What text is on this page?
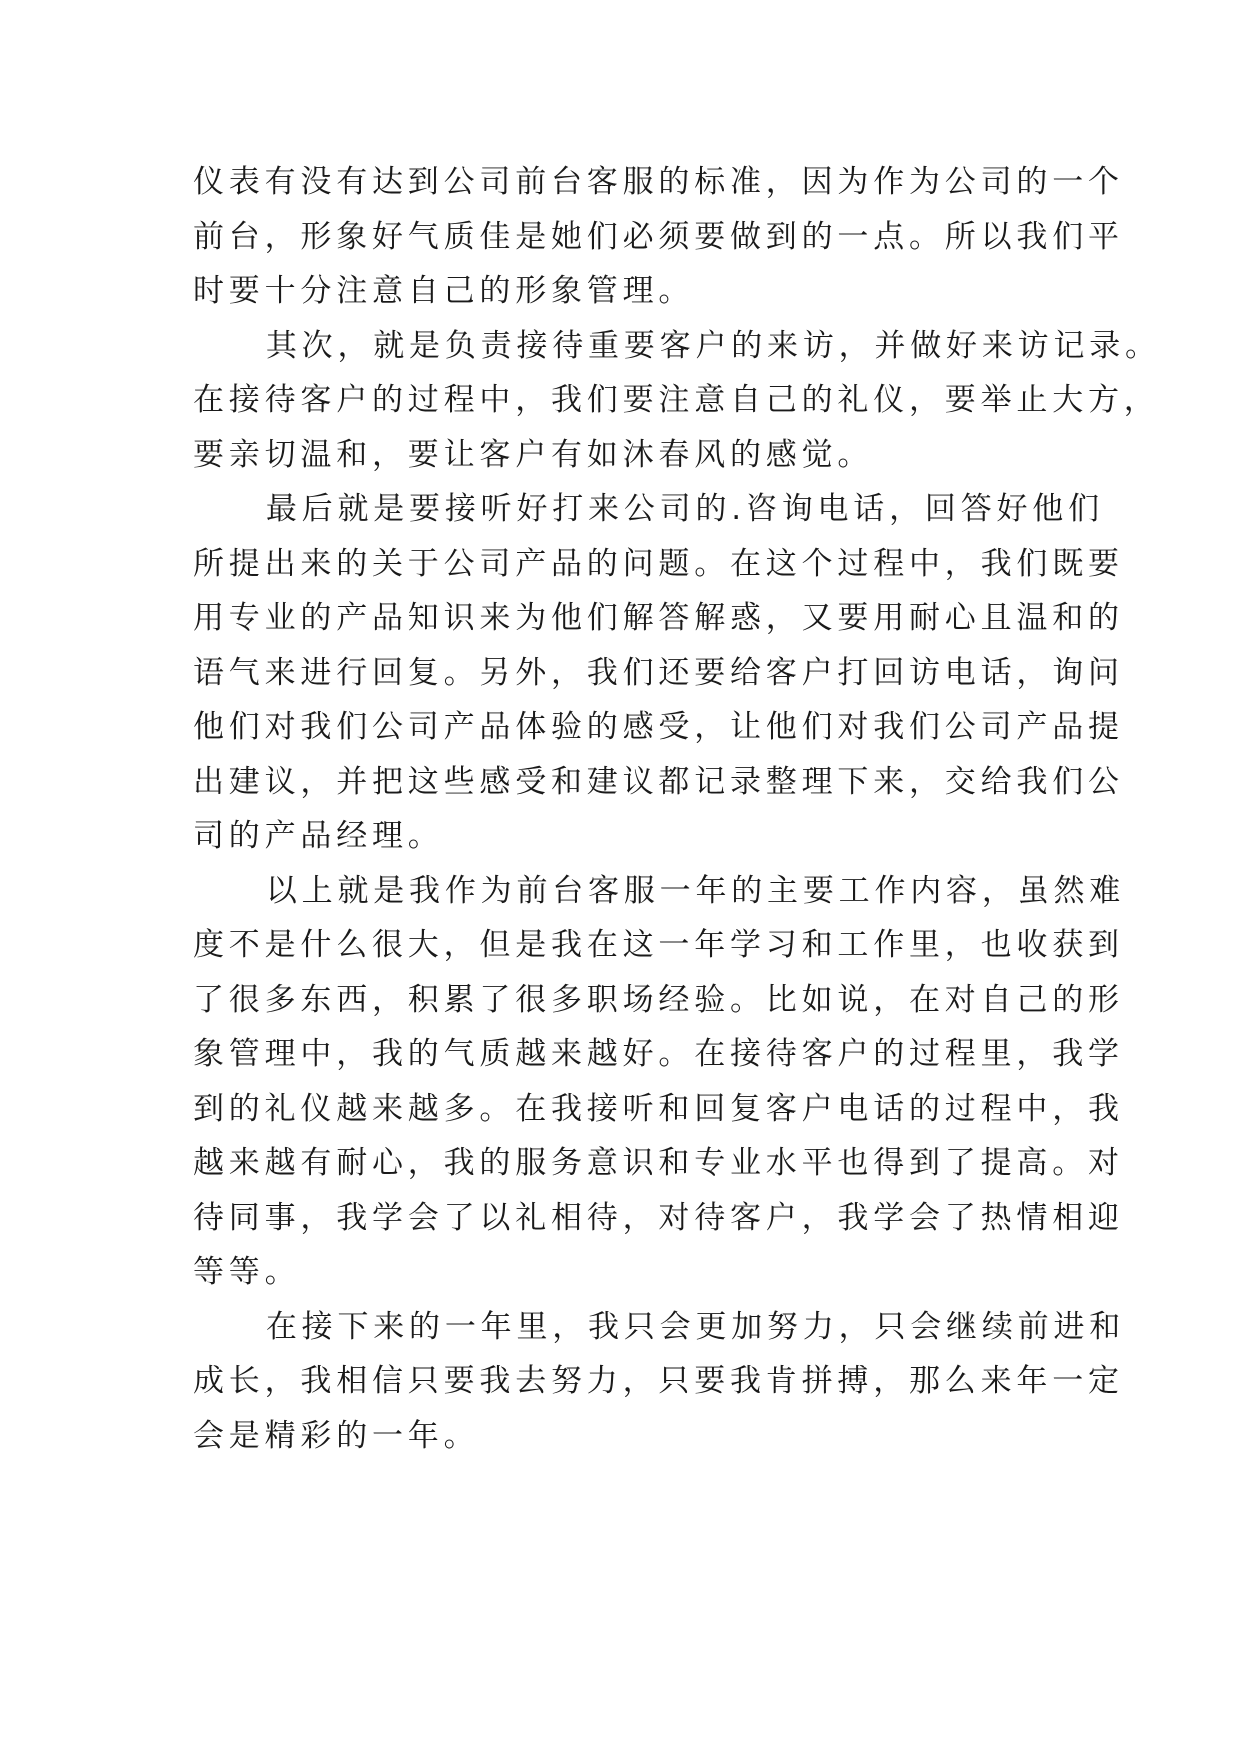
仪表有没有达到公司前台客服的标准，因为作为公司的一个
前台，形象好气质佳是她们必须要做到的一点。所以我们平
时要十分注意自己的形象管理。

其次，就是负责接待重要客户的来访，并做好来访记录。
在接待客户的过程中，我们要注意自己的礼仪，要举止大方，
要亲切温和，要让客户有如沐春风的感觉。

最后就是要接听好打来公司的.咨询电话，回答好他们
所提出来的关于公司产品的问题。在这个过程中，我们既要
用专业的产品知识来为他们解答解惑，又要用耐心且温和的
语气来进行回复。另外，我们还要给客户打回访电话，询问
他们对我们公司产品体验的感受，让他们对我们公司产品提
出建议，并把这些感受和建议都记录整理下来，交给我们公
司的产品经理。

以上就是我作为前台客服一年的主要工作内容，虽然难
度不是什么很大，但是我在这一年学习和工作里，也收获到
了很多东西，积累了很多职场经验。比如说，在对自己的形
象管理中，我的气质越来越好。在接待客户的过程里，我学
到的礼仪越来越多。在我接听和回复客户电话的过程中，我
越来越有耐心，我的服务意识和专业水平也得到了提高。对
待同事，我学会了以礼相待，对待客户，我学会了热情相迎
等等。

在接下来的一年里，我只会更加努力，只会继续前进和
成长，我相信只要我去努力，只要我肯拼搏，那么来年一定
会是精彩的一年。
